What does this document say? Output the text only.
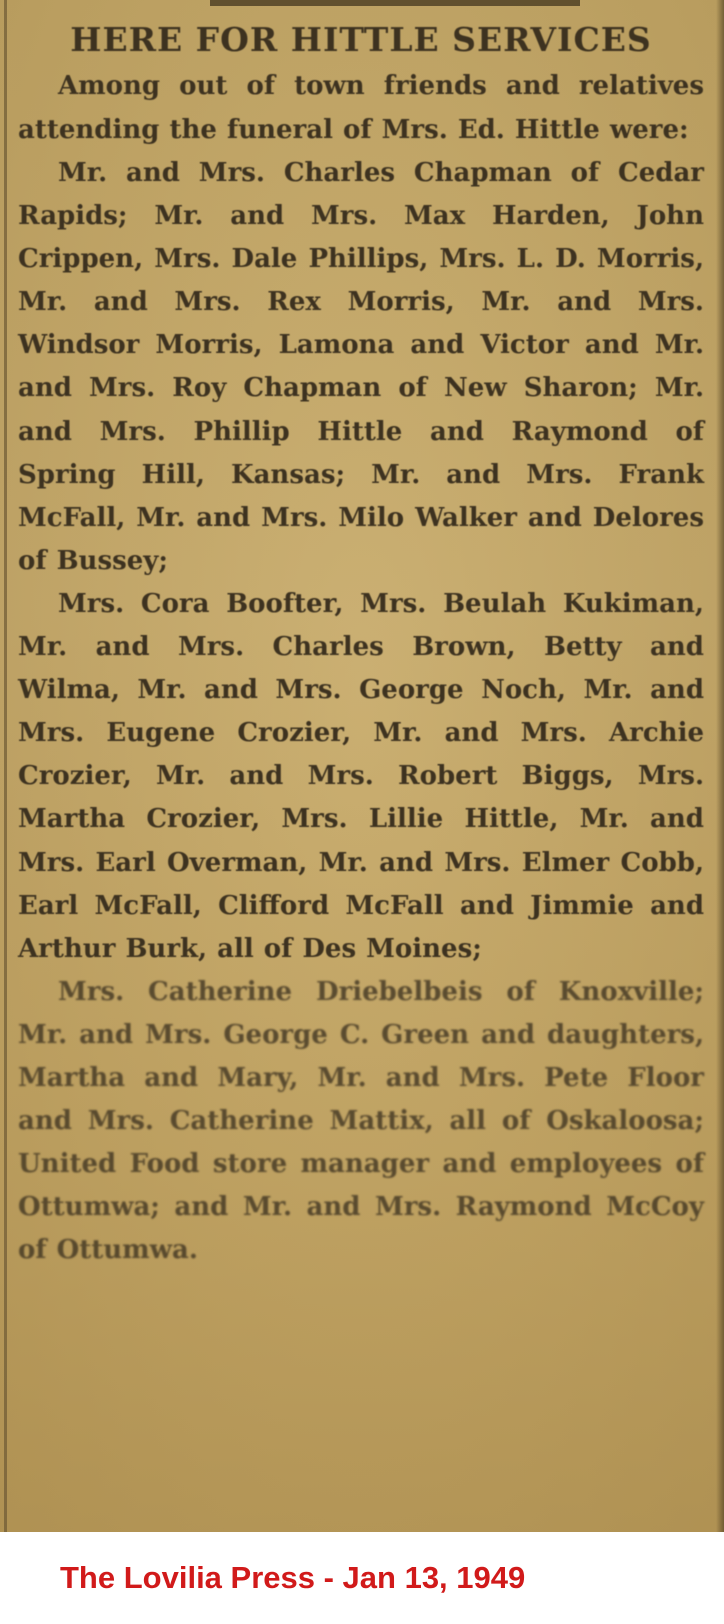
HERE FOR HITTLE SERVICES

Among out of town friends and relatives attending the funeral of Mrs. Ed. Hittle were:

Mr. and Mrs. Charles Chapman of Cedar Rapids; Mr. and Mrs. Max Harden, John Crippen, Mrs. Dale Phillips, Mrs. L. D. Morris, Mr. and Mrs. Rex Morris, Mr. and Mrs. Windsor Morris, Lamona and Victor and Mr. and Mrs. Roy Chapman of New Sharon; Mr. and Mrs. Phillip Hittle and Raymond of Spring Hill, Kansas; Mr. and Mrs. Frank McFall, Mr. and Mrs. Milo Walker and Delores of Bussey;

Mrs. Cora Boofter, Mrs. Beulah Kukiman, Mr. and Mrs. Charles Brown, Betty and Wilma, Mr. and Mrs. George Noch, Mr. and Mrs. Eugene Crozier, Mr. and Mrs. Archie Crozier, Mr. and Mrs. Robert Biggs, Mrs. Martha Crozier, Mrs. Lillie Hittle, Mr. and Mrs. Earl Overman, Mr. and Mrs. Elmer Cobb, Earl McFall, Clifford McFall and Jimmie and Arthur Burk, all of Des Moines;

Mrs. Catherine Driebelbeis of Knoxville; Mr. and Mrs. George C. Green and daughters, Martha and Mary, Mr. and Mrs. Pete Floor and Mrs. Catherine Mattix, all of Oskaloosa; United Food store manager and employees of Ottumwa; and Mr. and Mrs. Raymond McCoy of Ottumwa.

The Lovilia Press - Jan 13, 1949
